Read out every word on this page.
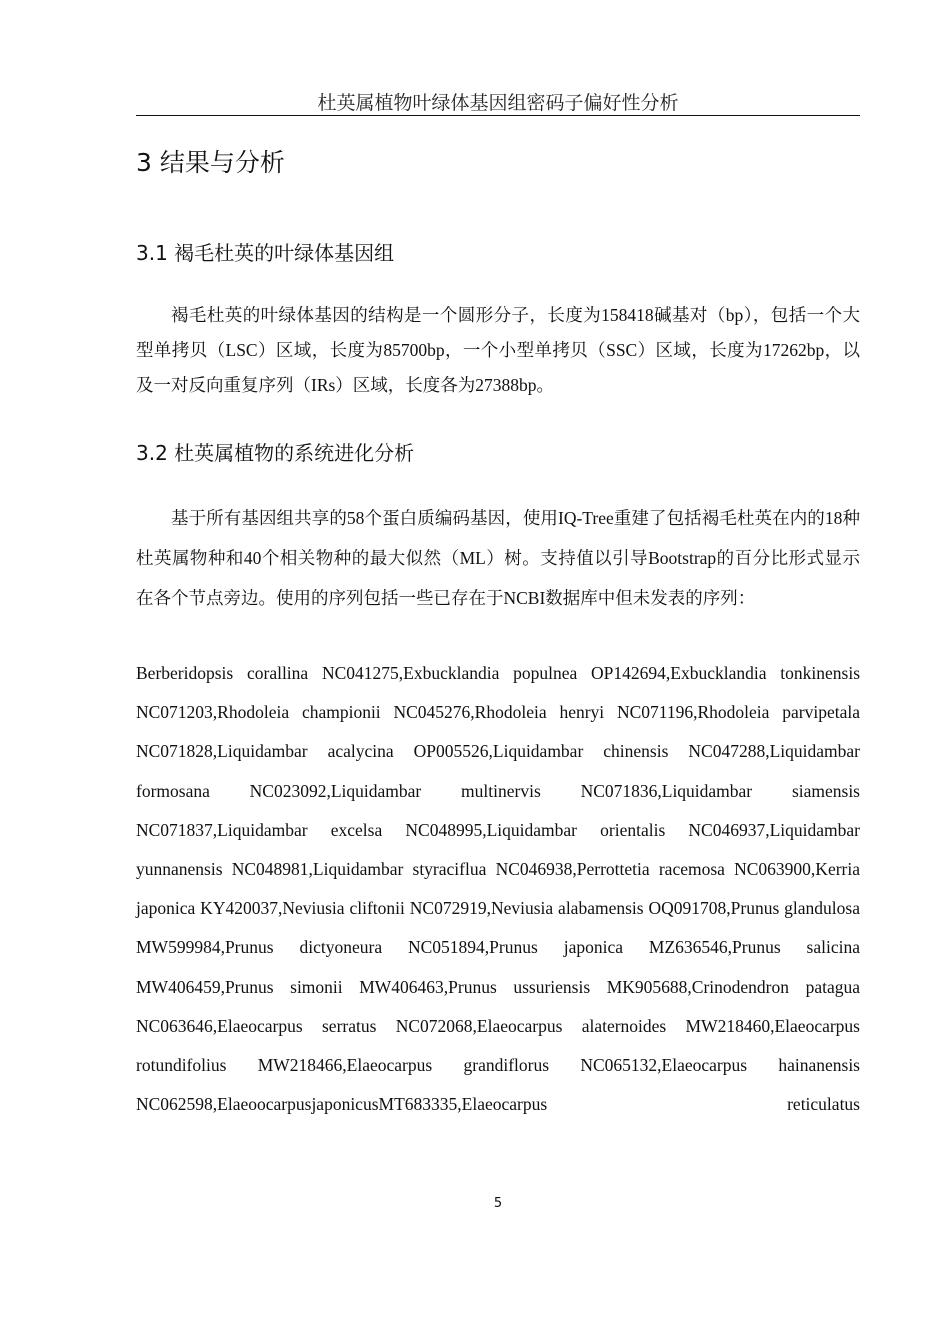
杜英属植物叶绿体基因组密码子偏好性分析
3 结果与分析
3.1 褐毛杜英的叶绿体基因组

褐毛杜英的叶绿体基因的结构是一个圆形分子，长度为158418碱基对（bp），包括一个大型单拷贝（LSC）区域，长度为85700bp，一个小型单拷贝（SSC）区域，长度为17262bp，以及一对反向重复序列（IRs）区域，长度各为27388bp。

3.2 杜英属植物的系统进化分析

基于所有基因组共享的58个蛋白质编码基因，使用IQ-Tree重建了包括褐毛杜英在内的18种杜英属物种和40个相关物种的最大似然（ML）树。支持值以引导Bootstrap的百分比形式显示在各个节点旁边。使用的序列包括一些已存在于NCBI数据库中但未发表的序列：

Berberidopsis corallina NC041275,Exbucklandia populnea OP142694,Exbucklandia tonkinensis NC071203,Rhodoleia championii NC045276,Rhodoleia henryi NC071196,Rhodoleia parvipetala NC071828,Liquidambar acalycina OP005526,Liquidambar chinensis NC047288,Liquidambar formosana NC023092,Liquidambar multinervis NC071836,Liquidambar siamensis NC071837,Liquidambar excelsa NC048995,Liquidambar orientalis NC046937,Liquidambar yunnanensis NC048981,Liquidambar styraciflua NC046938,Perrottetia racemosa NC063900,Kerria japonica KY420037,Neviusia cliftonii NC072919,Neviusia alabamensis OQ091708,Prunus glandulosa MW599984,Prunus dictyoneura NC051894,Prunus japonica MZ636546,Prunus salicina MW406459,Prunus simonii MW406463,Prunus ussuriensis MK905688,Crinodendron patagua NC063646,Elaeocarpus serratus NC072068,Elaeocarpus alaternoides MW218460,Elaeocarpus rotundifolius MW218466,Elaeocarpus grandiflorus NC065132,Elaeocarpus hainanensis NC062598,ElaeoocarpusjaponicusMT683335,Elaeocarpus reticulatus

5
